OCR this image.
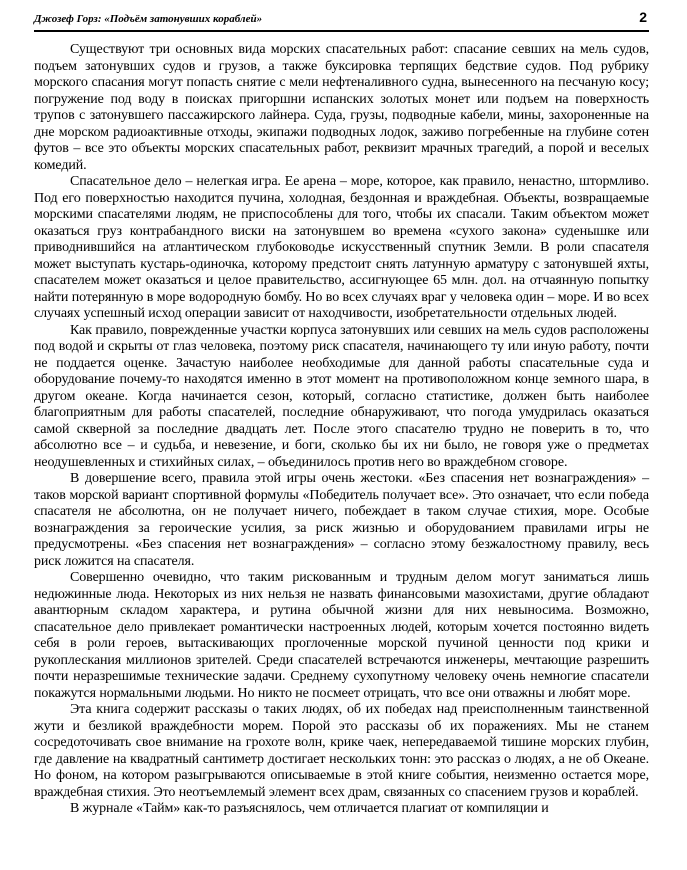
Джозеф Горз: «Подъём затонувших кораблей»	2

Существуют три основных вида морских спасательных работ: спасание севших на мель судов, подъем затонувших судов и грузов, а также буксировка терпящих бедствие судов. Под рубрику морского спасания могут попасть снятие с мели нефтеналивного судна, вынесенного на песчаную косу; погружение под воду в поисках пригоршни испанских золотых монет или подъем на поверхность трупов с затонувшего пассажирского лайнера. Суда, грузы, подводные кабели, мины, захороненные на дне морском радиоактивные отходы, экипажи подводных лодок, заживо погребенные на глубине сотен футов – все это объекты морских спасательных работ, реквизит мрачных трагедий, а порой и веселых комедий.

Спасательное дело – нелегкая игра. Ее арена – море, которое, как правило, ненастно, штормливо. Под его поверхностью находится пучина, холодная, бездонная и враждебная. Объекты, возвращаемые морскими спасателями людям, не приспособлены для того, чтобы их спасали. Таким объектом может оказаться груз контрабандного виски на затонувшем во времена «сухого закона» суденышке или приводнившийся на атлантическом глубоководье искусственный спутник Земли. В роли спасателя может выступать кустарь-одиночка, которому предстоит снять латунную арматуру с затонувшей яхты, спасателем может оказаться и целое правительство, ассигнующее 65 млн. дол. на отчаянную попытку найти потерянную в море водородную бомбу. Но во всех случаях враг у человека один – море. И во всех случаях успешный исход операции зависит от находчивости, изобретательности отдельных людей.

Как правило, поврежденные участки корпуса затонувших или севших на мель судов расположены под водой и скрыты от глаз человека, поэтому риск спасателя, начинающего ту или иную работу, почти не поддается оценке. Зачастую наиболее необходимые для данной работы спасательные суда и оборудование почему-то находятся именно в этот момент на противоположном конце земного шара, в другом океане. Когда начинается сезон, который, согласно статистике, должен быть наиболее благоприятным для работы спасателей, последние обнаруживают, что погода умудрилась оказаться самой скверной за последние двадцать лет. После этого спасателю трудно не поверить в то, что абсолютно все – и судьба, и невезение, и боги, сколько бы их ни было, не говоря уже о предметах неодушевленных и стихийных силах, – объединилось против него во враждебном сговоре.

В довершение всего, правила этой игры очень жестоки. «Без спасения нет вознаграждения» – таков морской вариант спортивной формулы «Победитель получает все». Это означает, что если победа спасателя не абсолютна, он не получает ничего, побеждает в таком случае стихия, море. Особые вознаграждения за героические усилия, за риск жизнью и оборудованием правилами игры не предусмотрены. «Без спасения нет вознаграждения» – согласно этому безжалостному правилу, весь риск ложится на спасателя.

Совершенно очевидно, что таким рискованным и трудным делом могут заниматься лишь недюжинные люда. Некоторых из них нельзя не назвать финансовыми мазохистами, другие обладают авантюрным складом характера, и рутина обычной жизни для них невыносима. Возможно, спасательное дело привлекает романтически настроенных людей, которым хочется постоянно видеть себя в роли героев, вытаскивающих проглоченные морской пучиной ценности под крики и рукоплескания миллионов зрителей. Среди спасателей встречаются инженеры, мечтающие разрешить почти неразрешимые технические задачи. Среднему сухопутному человеку очень немногие спасатели покажутся нормальными людьми. Но никто не посмеет отрицать, что все они отважны и любят море.

Эта книга содержит рассказы о таких людях, об их победах над преисполненным таинственной жути и безликой враждебности морем. Порой это рассказы об их поражениях. Мы не станем сосредоточивать свое внимание на грохоте волн, крике чаек, непередаваемой тишине морских глубин, где давление на квадратный сантиметр достигает нескольких тонн: это рассказ о людях, а не об Океане. Но фоном, на котором разыгрываются описываемые в этой книге события, неизменно остается море, враждебная стихия. Это неотъемлемый элемент всех драм, связанных со спасением грузов и кораблей.

В журнале «Тайм» как-то разъяснялось, чем отличается плагиат от компиляции и
